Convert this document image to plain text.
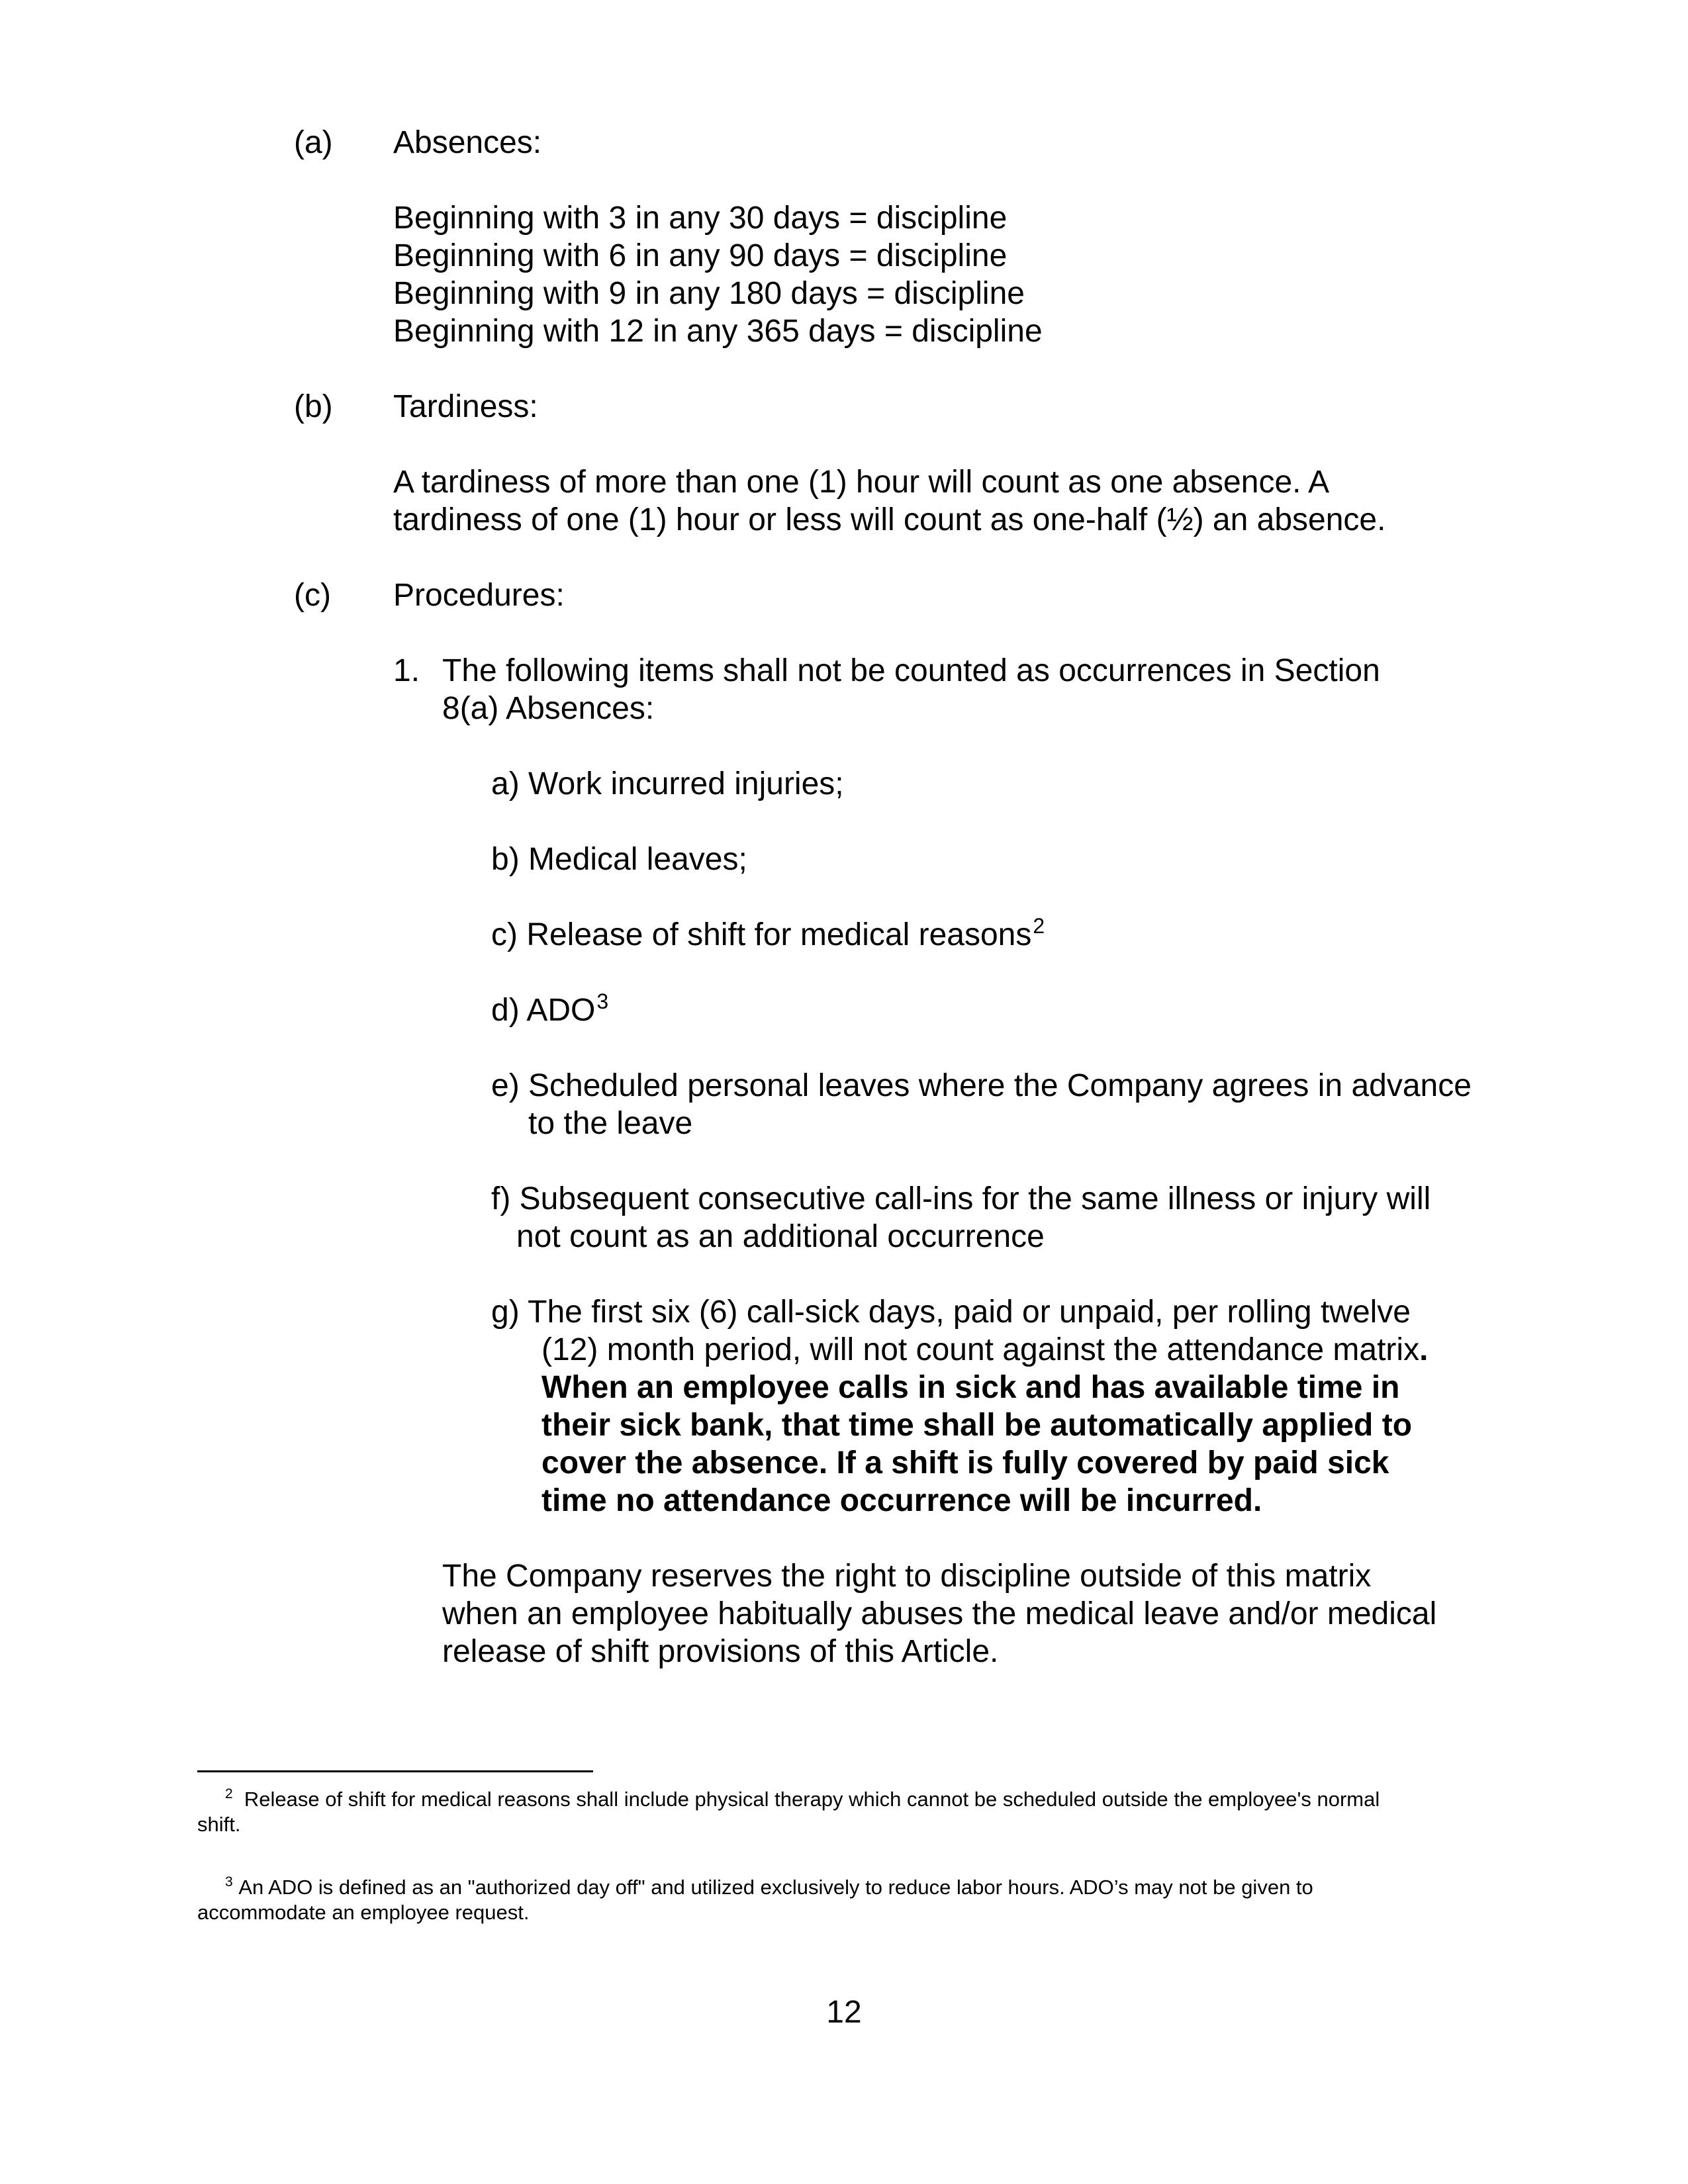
(a) Absences:
Beginning with 3 in any 30 days = discipline
Beginning with 6 in any 90 days = discipline
Beginning with 9 in any 180 days = discipline
Beginning with 12 in any 365 days = discipline
(b) Tardiness:
A tardiness of more than one (1) hour will count as one absence. A
tardiness of one (1) hour or less will count as one-half (½) an absence.
(c) Procedures:
1. The following items shall not be counted as occurrences in Section
8(a) Absences:
a) Work incurred injuries;
b) Medical leaves;
c) Release of shift for medical reasons$^2$
d) ADO$^3$
e) Scheduled personal leaves where the Company agrees in advance
to the leave
f) Subsequent consecutive call-ins for the same illness or injury will
not count as an additional occurrence
g) The first six (6) call-sick days, paid or unpaid, per rolling twelve
(12) month period, will not count against the attendance matrix.
When an employee calls in sick and has available time in
their sick bank, that time shall be automatically applied to
cover the absence. If a shift is fully covered by paid sick
time no attendance occurrence will be incurred.
The Company reserves the right to discipline outside of this matrix
when an employee habitually abuses the medical leave and/or medical
release of shift provisions of this Article.
$^2$ Release of shift for medical reasons shall include physical therapy which cannot be scheduled outside the employee's normal
shift.
$^3$ An ADO is defined as an "authorized day off" and utilized exclusively to reduce labor hours. ADO’s may not be given to
accommodate an employee request.
12
